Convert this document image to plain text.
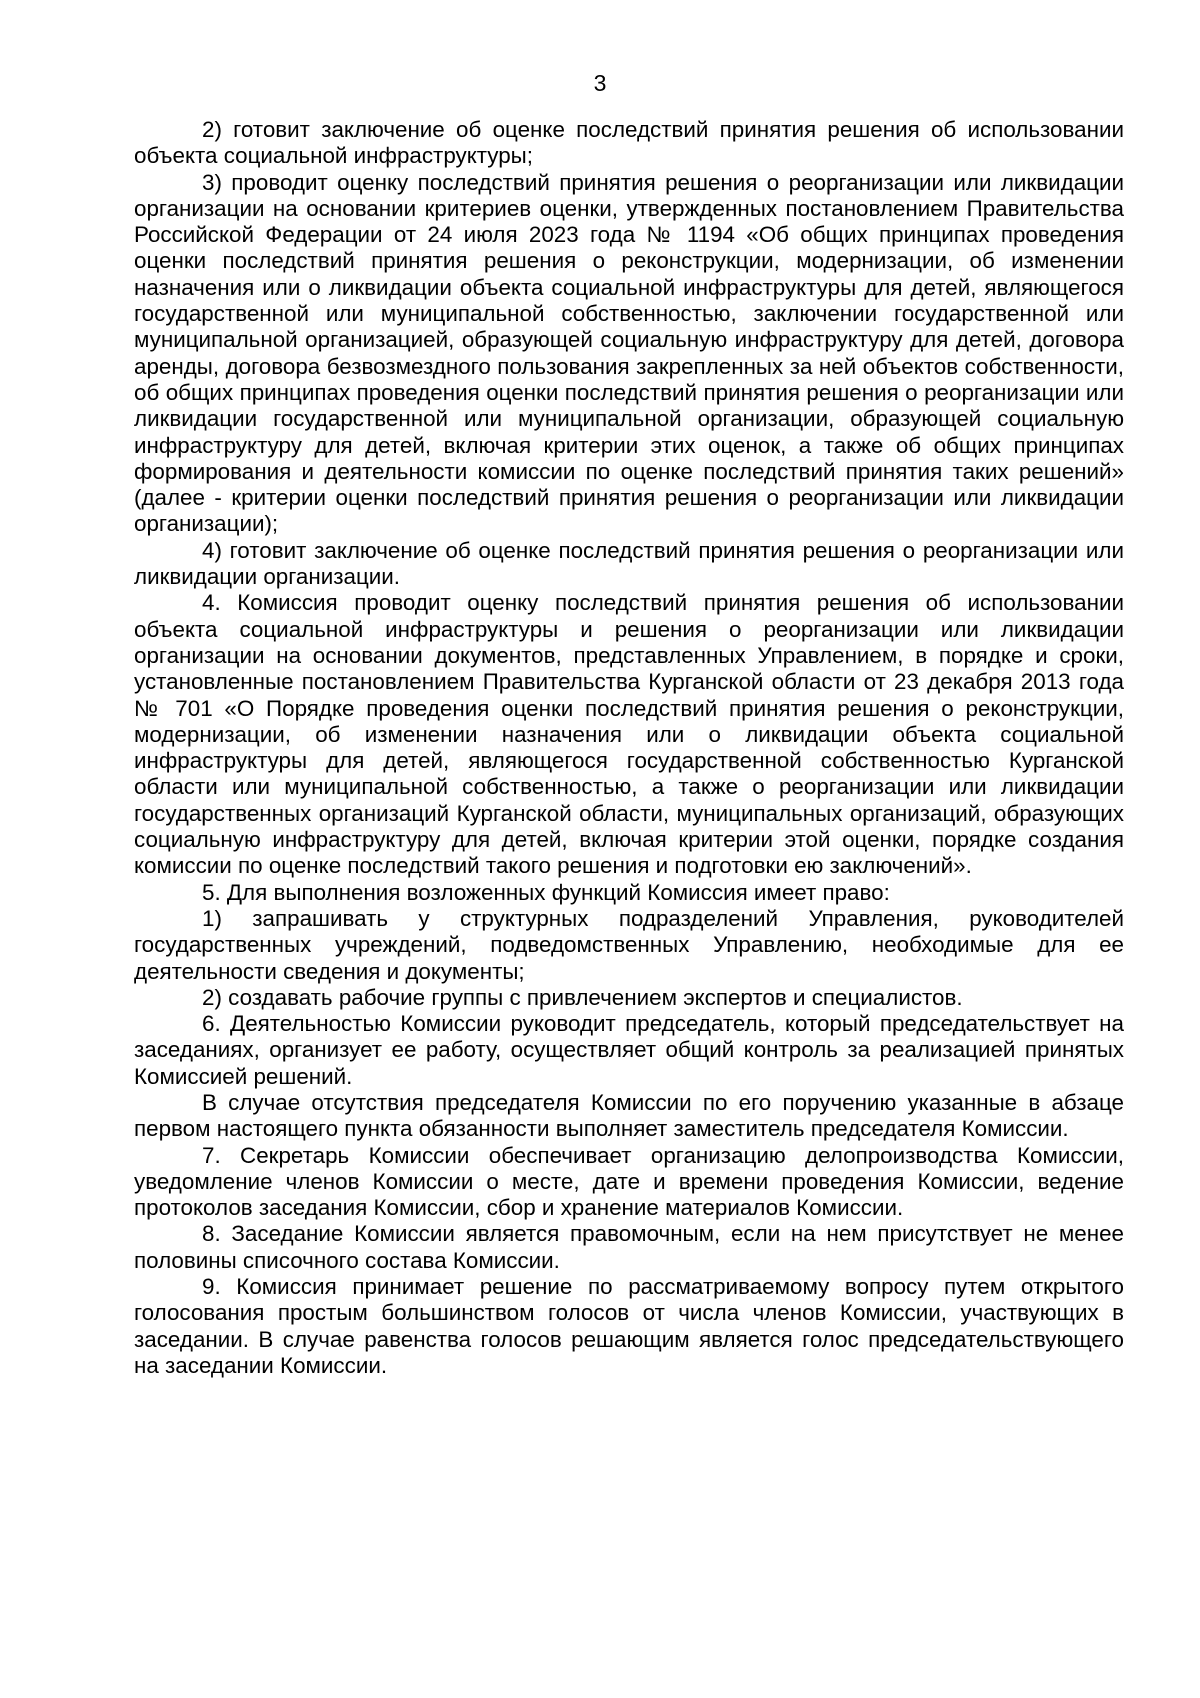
3

2) готовит заключение об оценке последствий принятия решения об использовании объекта социальной инфраструктуры;

3) проводит оценку последствий принятия решения о реорганизации или ликвидации организации на основании критериев оценки, утвержденных постановлением Правительства Российской Федерации от 24 июля 2023 года № 1194 «Об общих принципах проведения оценки последствий принятия решения о реконструкции, модернизации, об изменении назначения или о ликвидации объекта социальной инфраструктуры для детей, являющегося государственной или муниципальной собственностью, заключении государственной или муниципальной организацией, образующей социальную инфраструктуру для детей, договора аренды, договора безвозмездного пользования закрепленных за ней объектов собственности, об общих принципах проведения оценки последствий принятия решения о реорганизации или ликвидации государственной или муниципальной организации, образующей социальную инфраструктуру для детей, включая критерии этих оценок, а также об общих принципах формирования и деятельности комиссии по оценке последствий принятия таких решений» (далее - критерии оценки последствий принятия решения о реорганизации или ликвидации организации);

4) готовит заключение об оценке последствий принятия решения о реорганизации или ликвидации организации.

4. Комиссия проводит оценку последствий принятия решения об использовании объекта социальной инфраструктуры и решения о реорганизации или ликвидации организации на основании документов, представленных Управлением, в порядке и сроки, установленные постановлением Правительства Курганской области от 23 декабря 2013 года № 701 «О Порядке проведения оценки последствий принятия решения о реконструкции, модернизации, об изменении назначения или о ликвидации объекта социальной инфраструктуры для детей, являющегося государственной собственностью Курганской области или муниципальной собственностью, а также о реорганизации или ликвидации государственных организаций Курганской области, муниципальных организаций, образующих социальную инфраструктуру для детей, включая критерии этой оценки, порядке создания комиссии по оценке последствий такого решения и подготовки ею заключений».

5. Для выполнения возложенных функций Комиссия имеет право:

1) запрашивать у структурных подразделений Управления, руководителей государственных учреждений, подведомственных Управлению, необходимые для ее деятельности сведения и документы;

2) создавать рабочие группы с привлечением экспертов и специалистов.

6. Деятельностью Комиссии руководит председатель, который председательствует на заседаниях, организует ее работу, осуществляет общий контроль за реализацией принятых Комиссией решений.

В случае отсутствия председателя Комиссии по его поручению указанные в абзаце первом настоящего пункта обязанности выполняет заместитель председателя Комиссии.

7. Секретарь Комиссии обеспечивает организацию делопроизводства Комиссии, уведомление членов Комиссии о месте, дате и времени проведения Комиссии, ведение протоколов заседания Комиссии, сбор и хранение материалов Комиссии.

8. Заседание Комиссии является правомочным, если на нем присутствует не менее половины списочного состава Комиссии.

9. Комиссия принимает решение по рассматриваемому вопросу путем открытого голосования простым большинством голосов от числа членов Комиссии, участвующих в заседании. В случае равенства голосов решающим является голос председательствующего на заседании Комиссии.
